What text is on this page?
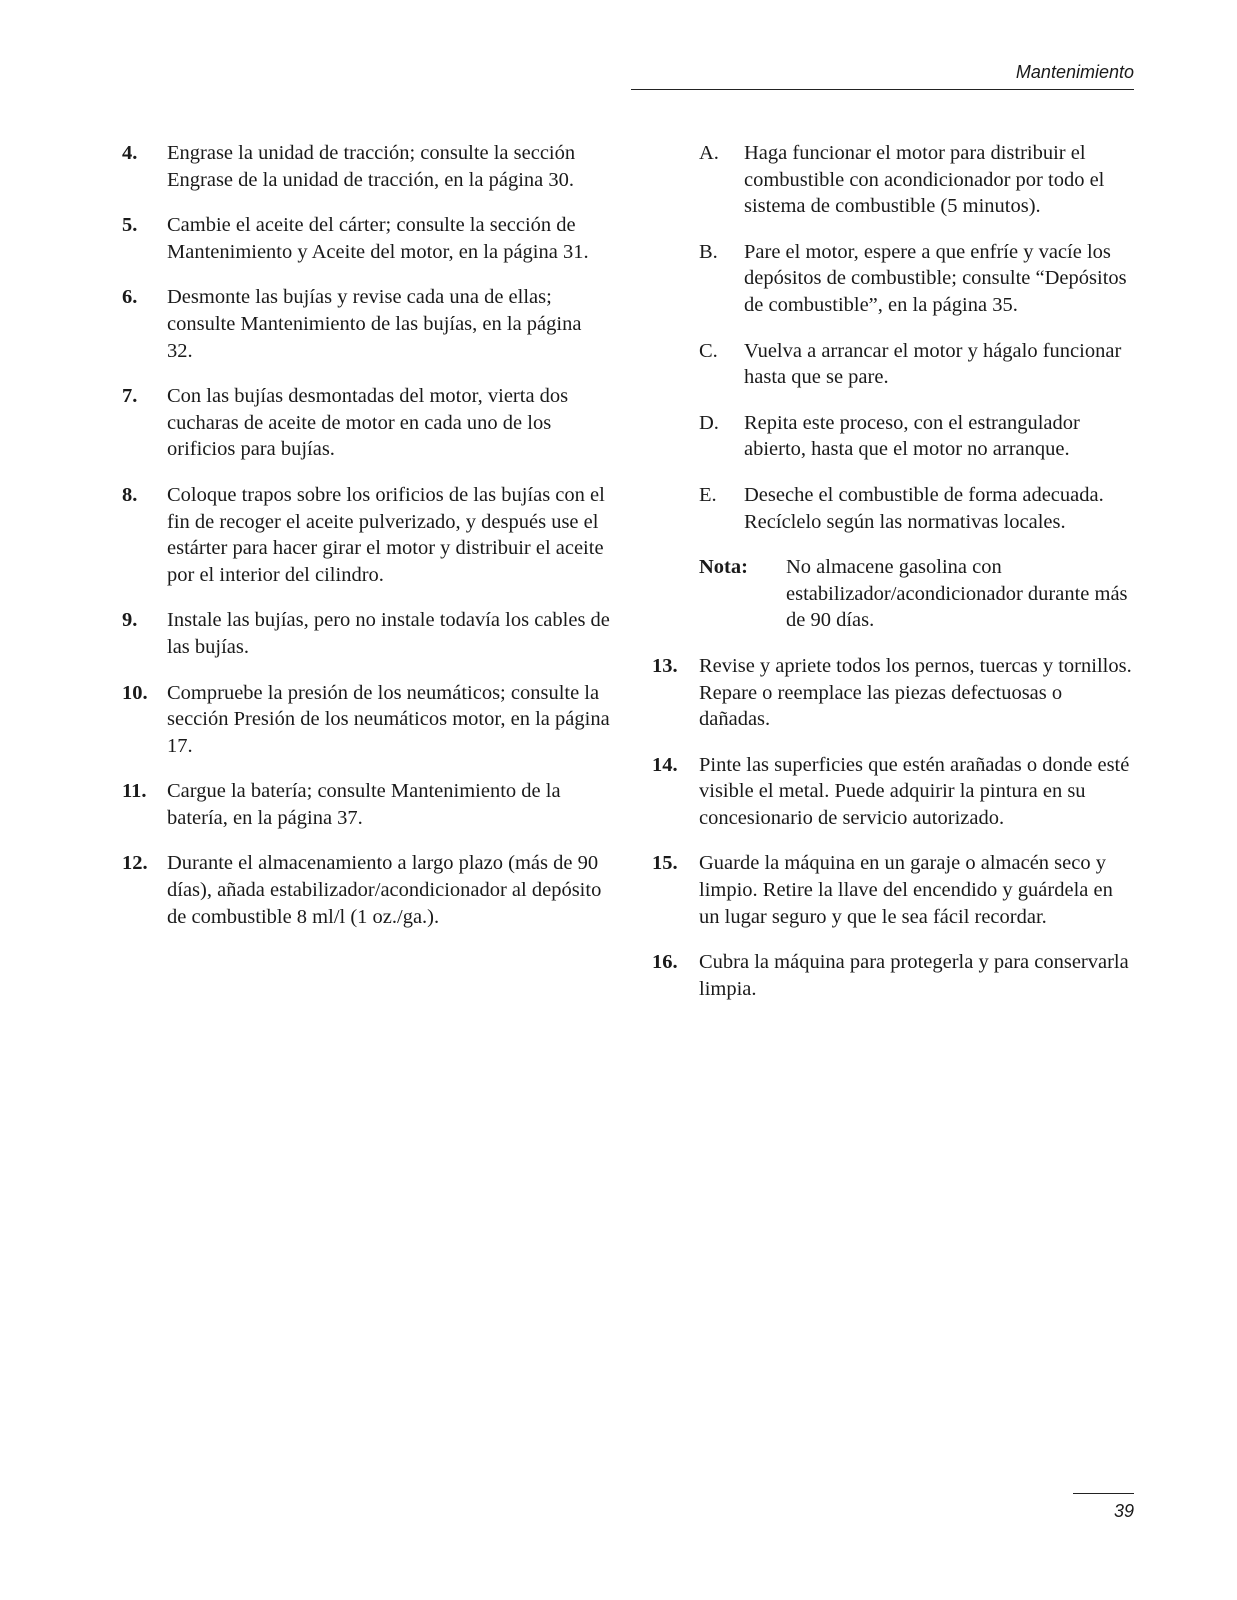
Mantenimiento
4.	Engrase la unidad de tracción; consulte la sección Engrase de la unidad de tracción, en la página 30.
5.	Cambie el aceite del cárter; consulte la sección de Mantenimiento y Aceite del motor, en la página 31.
6.	Desmonte las bujías y revise cada una de ellas; consulte Mantenimiento de las bujías, en la página 32.
7.	Con las bujías desmontadas del motor, vierta dos cucharas de aceite de motor en cada uno de los orificios para bujías.
8.	Coloque trapos sobre los orificios de las bujías con el fin de recoger el aceite pulverizado, y después use el estárter para hacer girar el motor y distribuir el aceite por el interior del cilindro.
9.	Instale las bujías, pero no instale todavía los cables de las bujías.
10. Compruebe la presión de los neumáticos; consulte la sección Presión de los neumáticos motor, en la página 17.
11.	Cargue la batería; consulte Mantenimiento de la batería, en la página 37.
12. Durante el almacenamiento a largo plazo (más de 90 días), añada estabilizador/acondicionador al depósito de combustible 8 ml/l (1 oz./ga.).
A.	Haga funcionar el motor para distribuir el combustible con acondicionador por todo el sistema de combustible (5 minutos).
B.	Pare el motor, espere a que enfríe y vacíe los depósitos de combustible; consulte “Depósitos de combustible”, en la página 35.
C.	Vuelva a arrancar el motor y hágalo funcionar hasta que se pare.
D.	Repita este proceso, con el estrangulador abierto, hasta que el motor no arranque.
E.	Deseche el combustible de forma adecuada. Recíclelo según las normativas locales.
Nota:	No almacene gasolina con estabilizador/acondicionador durante más de 90 días.
13.	Revise y apriete todos los pernos, tuercas y tornillos. Repare o reemplace las piezas defectuosas o dañadas.
14.	Pinte las superficies que estén arañadas o donde esté visible el metal. Puede adquirir la pintura en su concesionario de servicio autorizado.
15.	Guarde la máquina en un garaje o almacén seco y limpio. Retire la llave del encendido y guárdela en un lugar seguro y que le sea fácil recordar.
16.	Cubra la máquina para protegerla y para conservarla limpia.
39
